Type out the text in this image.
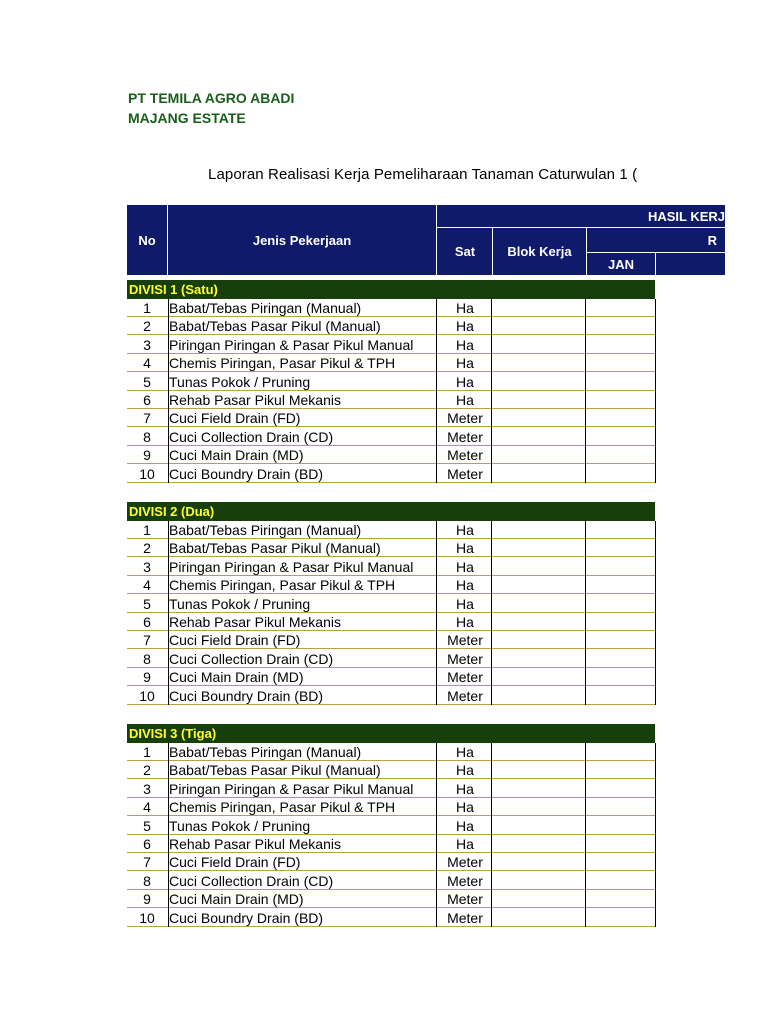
PT TEMILA AGRO ABADI
MAJANG ESTATE
Laporan Realisasi Kerja Pemeliharaan Tanaman Caturwulan 1 (
No	Jenis Pekerjaan
HASIL KERJ
Sat	Blok Kerja
R
JAN
DIVISI 1 (Satu)
1	Babat/Tebas Piringan (Manual)	Ha
2	Babat/Tebas Pasar Pikul (Manual)	Ha
3	Piringan Piringan & Pasar Pikul Manual	Ha
4	Chemis Piringan, Pasar Pikul & TPH	Ha
5	Tunas Pokok / Pruning	Ha
6	Rehab Pasar Pikul Mekanis	Ha
7	Cuci Field Drain (FD)	Meter
8	Cuci Collection Drain (CD)	Meter
9	Cuci Main Drain (MD)	Meter
10	Cuci Boundry Drain (BD)	Meter
DIVISI 2 (Dua)
1	Babat/Tebas Piringan (Manual)	Ha
2	Babat/Tebas Pasar Pikul (Manual)	Ha
3	Piringan Piringan & Pasar Pikul Manual	Ha
4	Chemis Piringan, Pasar Pikul & TPH	Ha
5	Tunas Pokok / Pruning	Ha
6	Rehab Pasar Pikul Mekanis	Ha
7	Cuci Field Drain (FD)	Meter
8	Cuci Collection Drain (CD)	Meter
9	Cuci Main Drain (MD)	Meter
10	Cuci Boundry Drain (BD)	Meter
DIVISI 3 (Tiga)
1	Babat/Tebas Piringan (Manual)	Ha
2	Babat/Tebas Pasar Pikul (Manual)	Ha
3	Piringan Piringan & Pasar Pikul Manual	Ha
4	Chemis Piringan, Pasar Pikul & TPH	Ha
5	Tunas Pokok / Pruning	Ha
6	Rehab Pasar Pikul Mekanis	Ha
7	Cuci Field Drain (FD)	Meter
8	Cuci Collection Drain (CD)	Meter
9	Cuci Main Drain (MD)	Meter
10	Cuci Boundry Drain (BD)	Meter
